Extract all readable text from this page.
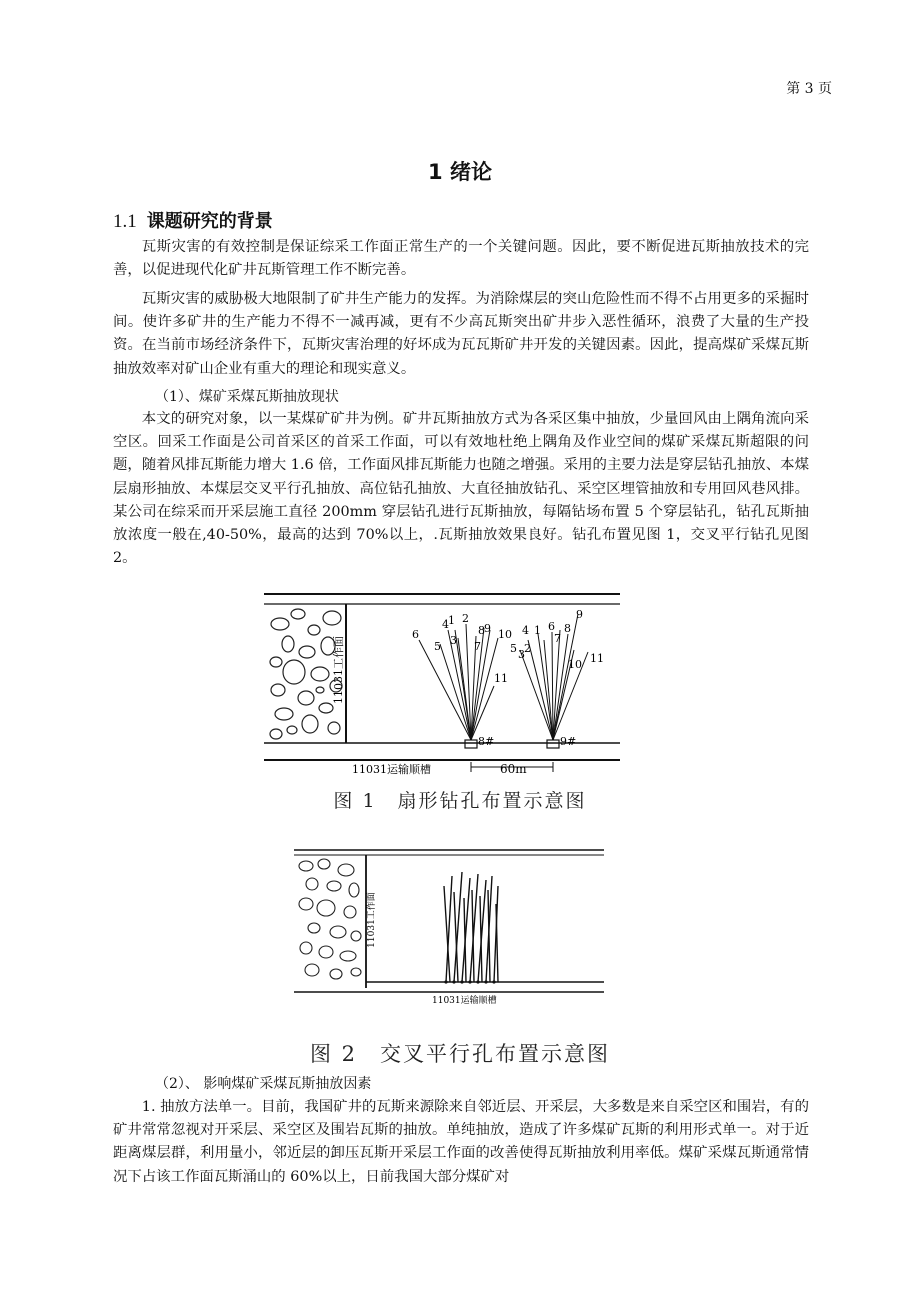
第 3 页
1 绪论
1.1 课题研究的背景

瓦斯灾害的有效控制是保证综采工作面正常生产的一个关键问题。因此，要不断促进瓦斯抽放技术的完善，以促进现代化矿井瓦斯管理工作不断完善。

瓦斯灾害的威胁极大地限制了矿井生产能力的发挥。为消除煤层的突山危险性而不得不占用更多的采掘时间。使许多矿井的生产能力不得不一减再减，更有不少高瓦斯突出矿井步入恶性循环，浪费了大量的生产投资。在当前市场经济条件下，瓦斯灾害治理的好坏成为瓦瓦斯矿井开发的关键因素。因此，提高煤矿采煤瓦斯抽放效率对矿山企业有重大的理论和现实意义。

（1）、煤矿采煤瓦斯抽放现状

本文的研究对象，以一某煤矿矿井为例。矿井瓦斯抽放方式为各采区集中抽放，少量回风由上隅角流向采空区。回采工作面是公司首采区的首采工作面，可以有效地杜绝上隅角及作业空间的煤矿采煤瓦斯超限的问题，随着风排瓦斯能力增大 1.6 倍，工作面风排瓦斯能力也随之增强。采用的主要力法是穿层钻孔抽放、本煤层扇形抽放、本煤层交叉平行孔抽放、高位钻孔抽放、大直径抽放钻孔、采空区埋管抽放和专用回风巷风排。某公司在综采而开采层施工直径 200mm 穿层钻孔进行瓦斯抽放，每隔钻场布置 5 个穿层钻孔，钻孔瓦斯抽放浓度一般在,40-50%，最高的达到 70%以上，.瓦斯抽放效果良好。钻孔布置见图 1，交叉平行钻孔见图 2。

11031工作面
11031运输顺槽	60m
8#	9#
6
4
5
1
3
2
8 9
7
10
11
4 1
5 3 2
6
7
8
9
10 11
图 1　扇形钻孔布置示意图
11031工作面
11031运输顺槽
图 2　交叉平行孔布置示意图
（2）、 影响煤矿采煤瓦斯抽放因素

1. 抽放方法单一。目前，我国矿井的瓦斯来源除来自邻近层、开采层，大多数是来自采空区和围岩，有的矿井常常忽视对开采层、采空区及围岩瓦斯的抽放。单纯抽放，造成了许多煤矿瓦斯的利用形式单一。对于近距离煤层群，利用量小，邻近层的卸压瓦斯开采层工作面的改善使得瓦斯抽放利用率低。煤矿采煤瓦斯通常情况下占该工作面瓦斯涌山的 60%以上，日前我国大部分煤矿对
